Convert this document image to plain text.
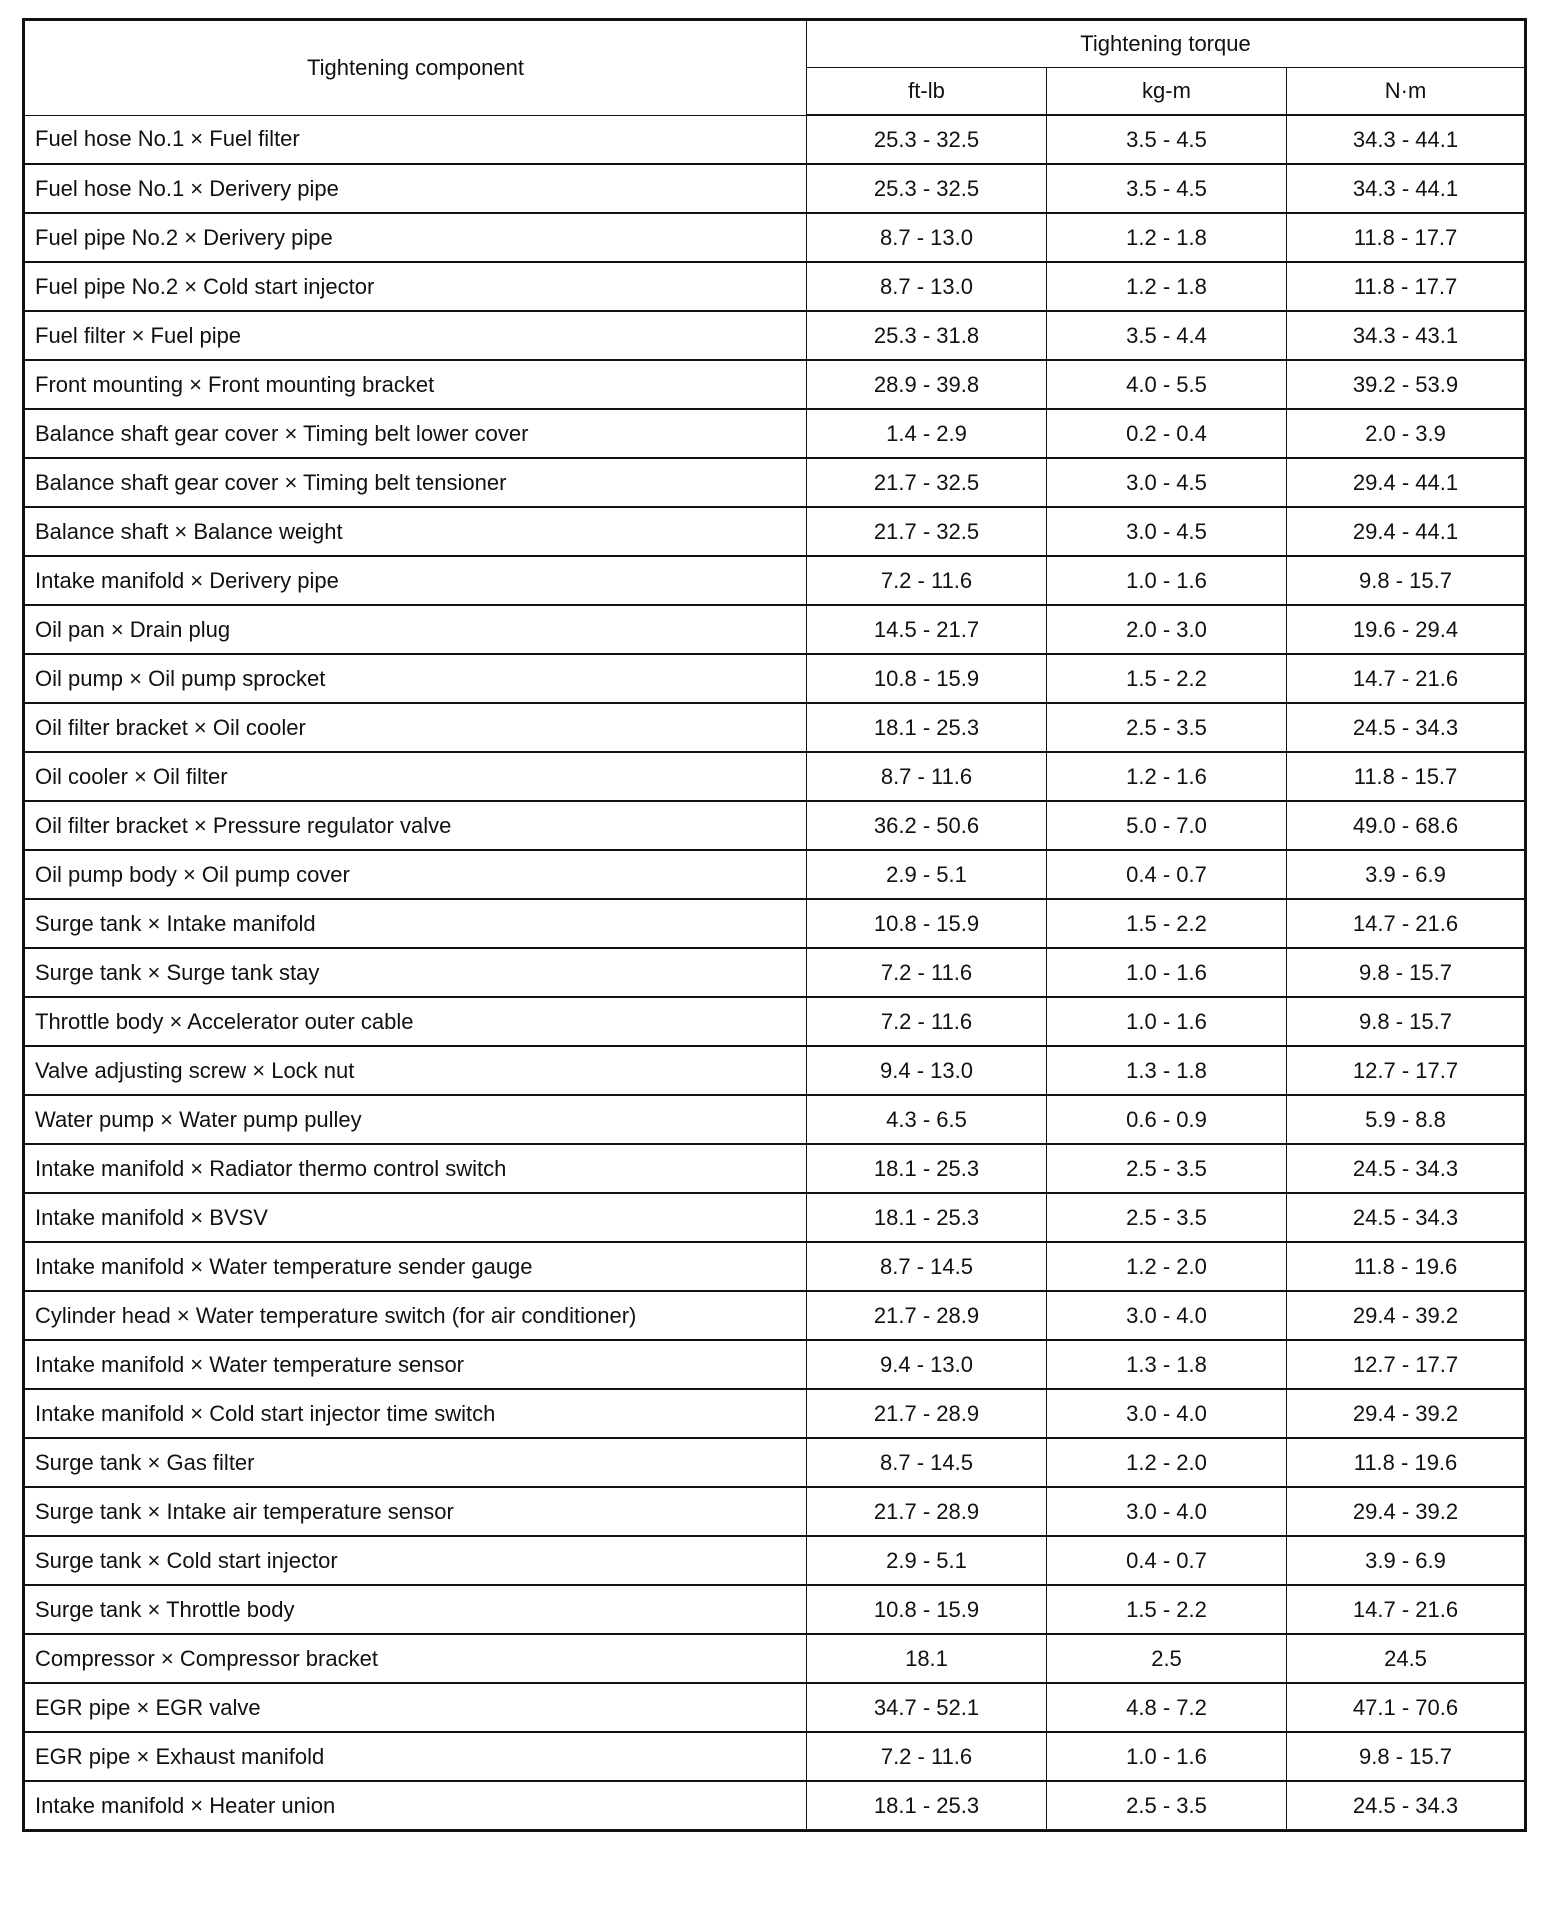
Tightening component	Tightening torque		
	ft-lb	kg-m	N·m
Fuel hose No.1 × Fuel filter	25.3 - 32.5	3.5 - 4.5	34.3 - 44.1
Fuel hose No.1 × Derivery pipe	25.3 - 32.5	3.5 - 4.5	34.3 - 44.1
Fuel pipe No.2 × Derivery pipe	8.7 - 13.0	1.2 - 1.8	11.8 - 17.7
Fuel pipe No.2 × Cold start injector	8.7 - 13.0	1.2 - 1.8	11.8 - 17.7
Fuel filter × Fuel pipe	25.3 - 31.8	3.5 - 4.4	34.3 - 43.1
Front mounting × Front mounting bracket	28.9 - 39.8	4.0 - 5.5	39.2 - 53.9
Balance shaft gear cover × Timing belt lower cover	1.4 - 2.9	0.2 - 0.4	2.0 - 3.9
Balance shaft gear cover × Timing belt tensioner	21.7 - 32.5	3.0 - 4.5	29.4 - 44.1
Balance shaft × Balance weight	21.7 - 32.5	3.0 - 4.5	29.4 - 44.1
Intake manifold × Derivery pipe	7.2 - 11.6	1.0 - 1.6	9.8 - 15.7
Oil pan × Drain plug	14.5 - 21.7	2.0 - 3.0	19.6 - 29.4
Oil pump × Oil pump sprocket	10.8 - 15.9	1.5 - 2.2	14.7 - 21.6
Oil filter bracket × Oil cooler	18.1 - 25.3	2.5 - 3.5	24.5 - 34.3
Oil cooler × Oil filter	8.7 - 11.6	1.2 - 1.6	11.8 - 15.7
Oil filter bracket × Pressure regulator valve	36.2 - 50.6	5.0 - 7.0	49.0 - 68.6
Oil pump body × Oil pump cover	2.9 - 5.1	0.4 - 0.7	3.9 - 6.9
Surge tank × Intake manifold	10.8 - 15.9	1.5 - 2.2	14.7 - 21.6
Surge tank × Surge tank stay	7.2 - 11.6	1.0 - 1.6	9.8 - 15.7
Throttle body × Accelerator outer cable	7.2 - 11.6	1.0 - 1.6	9.8 - 15.7
Valve adjusting screw × Lock nut	9.4 - 13.0	1.3 - 1.8	12.7 - 17.7
Water pump × Water pump pulley	4.3 - 6.5	0.6 - 0.9	5.9 - 8.8
Intake manifold × Radiator thermo control switch	18.1 - 25.3	2.5 - 3.5	24.5 - 34.3
Intake manifold × BVSV	18.1 - 25.3	2.5 - 3.5	24.5 - 34.3
Intake manifold × Water temperature sender gauge	8.7 - 14.5	1.2 - 2.0	11.8 - 19.6
Cylinder head × Water temperature switch (for air conditioner)	21.7 - 28.9	3.0 - 4.0	29.4 - 39.2
Intake manifold × Water temperature sensor	9.4 - 13.0	1.3 - 1.8	12.7 - 17.7
Intake manifold × Cold start injector time switch	21.7 - 28.9	3.0 - 4.0	29.4 - 39.2
Surge tank × Gas filter	8.7 - 14.5	1.2 - 2.0	11.8 - 19.6
Surge tank × Intake air temperature sensor	21.7 - 28.9	3.0 - 4.0	29.4 - 39.2
Surge tank × Cold start injector	2.9 - 5.1	0.4 - 0.7	3.9 - 6.9
Surge tank × Throttle body	10.8 - 15.9	1.5 - 2.2	14.7 - 21.6
Compressor × Compressor bracket	18.1	2.5	24.5
EGR pipe × EGR valve	34.7 - 52.1	4.8 - 7.2	47.1 - 70.6
EGR pipe × Exhaust manifold	7.2 - 11.6	1.0 - 1.6	9.8 - 15.7
Intake manifold × Heater union	18.1 - 25.3	2.5 - 3.5	24.5 - 34.3
